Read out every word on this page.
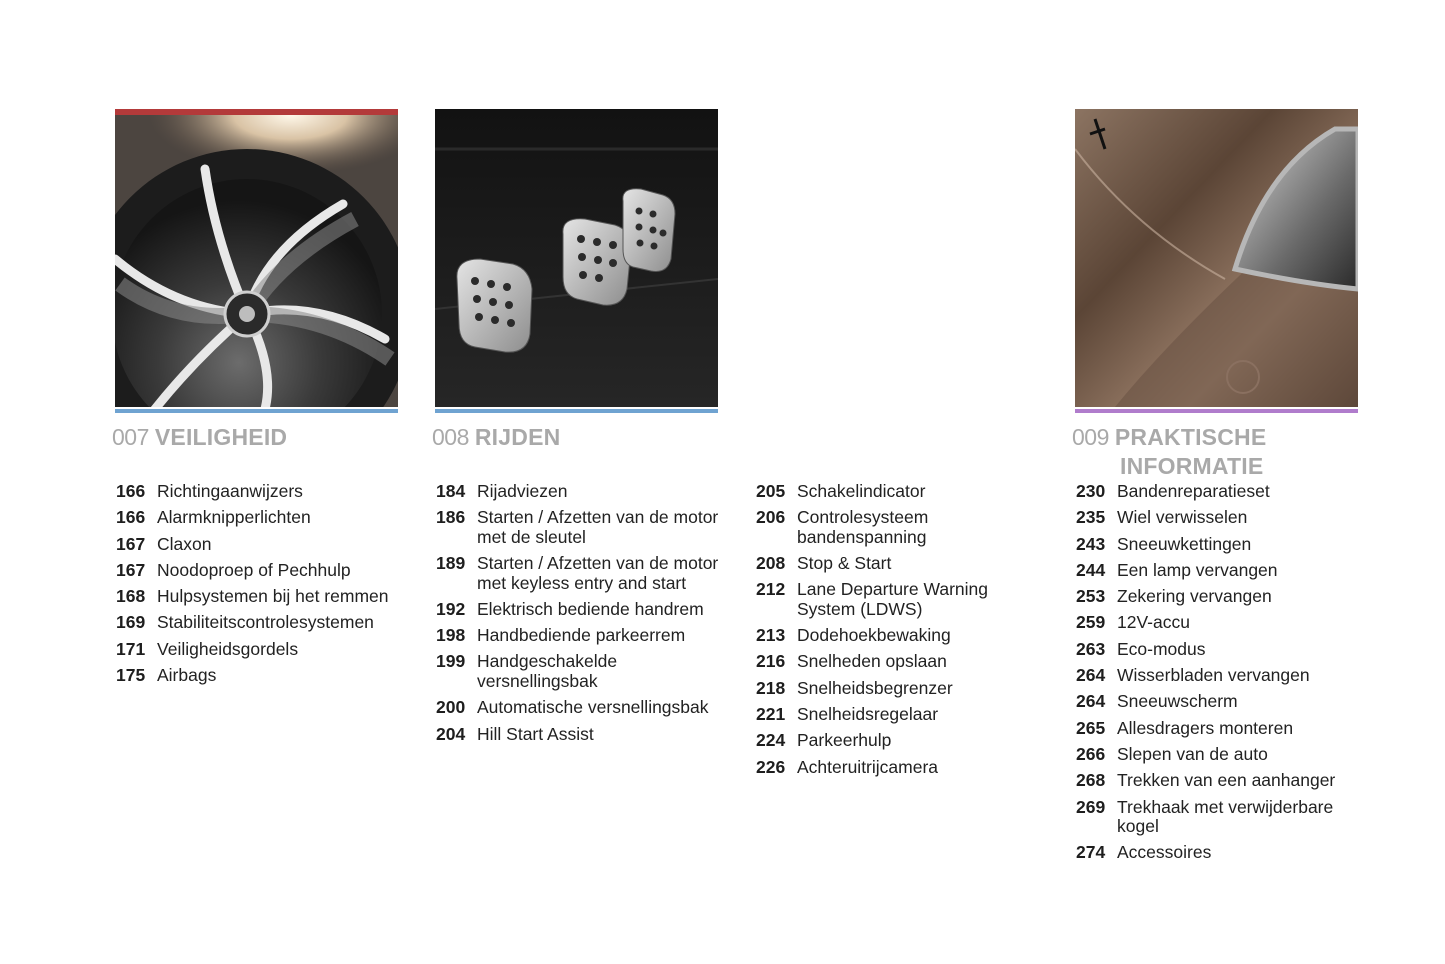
007 VEILIGHEID	008 RIJDEN	009 PRAKTISCHE
INFORMATIE
166 Richtingaanwijzers
166 Alarmknipperlichten
167 Claxon
167 Noodoproep of Pechhulp
168 Hulpsystemen bij het remmen
169 Stabiliteitscontrolesystemen
171 Veiligheidsgordels
175 Airbags
184 Rijadviezen
186 Starten / Afzetten van de motor met de sleutel
189 Starten / Afzetten van de motor met keyless entry and start
192 Elektrisch bediende handrem
198 Handbediende parkeerrem
199 Handgeschakelde versnellingsbak
200 Automatische versnellingsbak
204 Hill Start Assist
205 Schakelindicator
206 Controlesysteem bandenspanning
208 Stop & Start
212 Lane Departure Warning System (LDWS)
213 Dodehoekbewaking
216 Snelheden opslaan
218 Snelheidsbegrenzer
221 Snelheidsregelaar
224 Parkeerhulp
226 Achteruitrijcamera
230 Bandenreparatieset
235 Wiel verwisselen
243 Sneeuwkettingen
244 Een lamp vervangen
253 Zekering vervangen
259 12V-accu
263 Eco-modus
264 Wisserbladen vervangen
264 Sneeuwscherm
265 Allesdragers monteren
266 Slepen van de auto
268 Trekken van een aanhanger
269 Trekhaak met verwijderbare kogel
274 Accessoires
